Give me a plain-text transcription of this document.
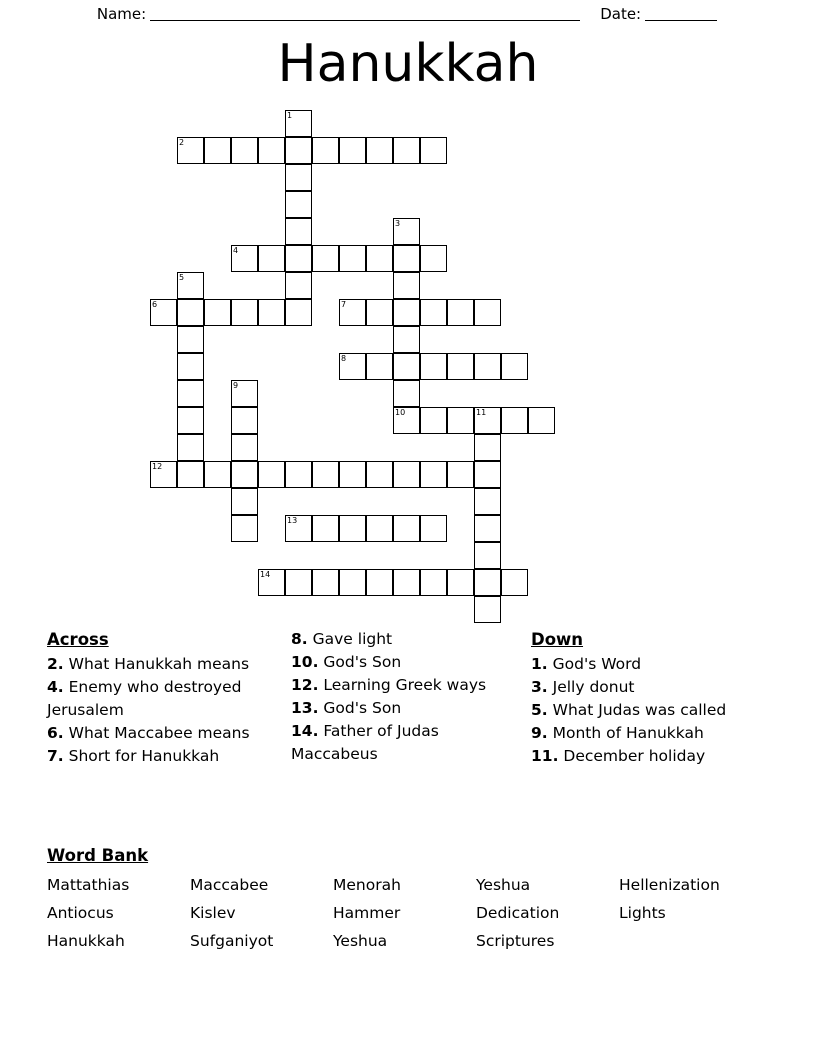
Name:	Date:
Hanukkah
1
2
3
4
5
6	7
8
9
10	11
12
13
14
Across
2. What Hanukkah means
4. Enemy who destroyed Jerusalem
6. What Maccabee means
7. Short for Hanukkah
8. Gave light
10. God's Son
12. Learning Greek ways
13. God's Son
14. Father of Judas Maccabeus
Down
1. God's Word
3. Jelly donut
5. What Judas was called
9. Month of Hanukkah
11. December holiday
Word Bank
Mattathias	Maccabee	Menorah	Yeshua	Hellenization
Antiocus	Kislev	Hammer	Dedication	Lights
Hanukkah	Sufganiyot	Yeshua	Scriptures
